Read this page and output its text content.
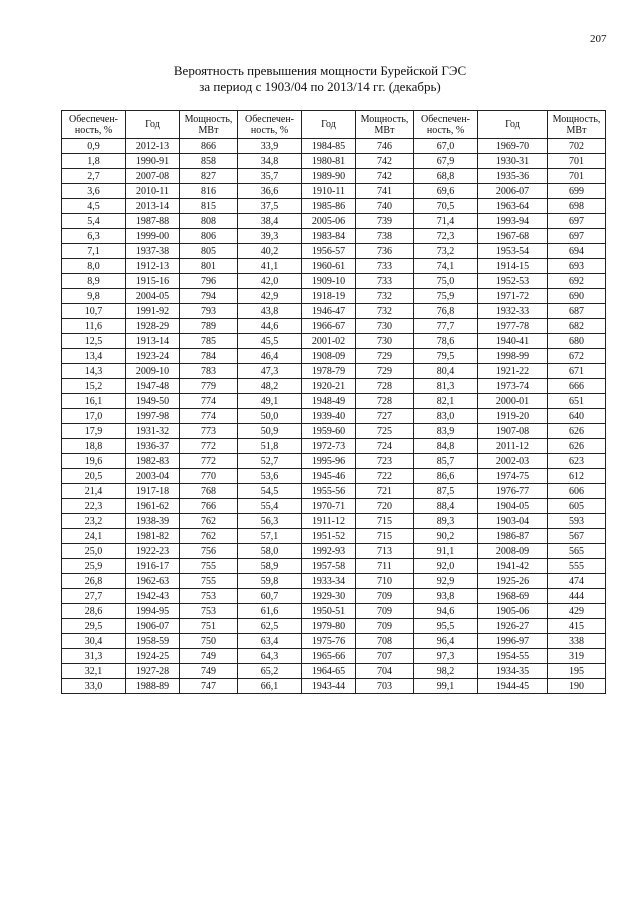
207
Вероятность превышения мощности Бурейской ГЭС
за период с 1903/04 по 2013/14 гг. (декабрь)
Обеспечен-ность, %	Год	Мощность, МВт	Обеспечен-ность, %	Год	Мощность, МВт	Обеспечен-ность, %	Год	Мощность, МВт
0,9	2012-13	866	33,9	1984-85	746	67,0	1969-70	702
1,8	1990-91	858	34,8	1980-81	742	67,9	1930-31	701
2,7	2007-08	827	35,7	1989-90	742	68,8	1935-36	701
3,6	2010-11	816	36,6	1910-11	741	69,6	2006-07	699
4,5	2013-14	815	37,5	1985-86	740	70,5	1963-64	698
5,4	1987-88	808	38,4	2005-06	739	71,4	1993-94	697
6,3	1999-00	806	39,3	1983-84	738	72,3	1967-68	697
7,1	1937-38	805	40,2	1956-57	736	73,2	1953-54	694
8,0	1912-13	801	41,1	1960-61	733	74,1	1914-15	693
8,9	1915-16	796	42,0	1909-10	733	75,0	1952-53	692
9,8	2004-05	794	42,9	1918-19	732	75,9	1971-72	690
10,7	1991-92	793	43,8	1946-47	732	76,8	1932-33	687
11,6	1928-29	789	44,6	1966-67	730	77,7	1977-78	682
12,5	1913-14	785	45,5	2001-02	730	78,6	1940-41	680
13,4	1923-24	784	46,4	1908-09	729	79,5	1998-99	672
14,3	2009-10	783	47,3	1978-79	729	80,4	1921-22	671
15,2	1947-48	779	48,2	1920-21	728	81,3	1973-74	666
16,1	1949-50	774	49,1	1948-49	728	82,1	2000-01	651
17,0	1997-98	774	50,0	1939-40	727	83,0	1919-20	640
17,9	1931-32	773	50,9	1959-60	725	83,9	1907-08	626
18,8	1936-37	772	51,8	1972-73	724	84,8	2011-12	626
19,6	1982-83	772	52,7	1995-96	723	85,7	2002-03	623
20,5	2003-04	770	53,6	1945-46	722	86,6	1974-75	612
21,4	1917-18	768	54,5	1955-56	721	87,5	1976-77	606
22,3	1961-62	766	55,4	1970-71	720	88,4	1904-05	605
23,2	1938-39	762	56,3	1911-12	715	89,3	1903-04	593
24,1	1981-82	762	57,1	1951-52	715	90,2	1986-87	567
25,0	1922-23	756	58,0	1992-93	713	91,1	2008-09	565
25,9	1916-17	755	58,9	1957-58	711	92,0	1941-42	555
26,8	1962-63	755	59,8	1933-34	710	92,9	1925-26	474
27,7	1942-43	753	60,7	1929-30	709	93,8	1968-69	444
28,6	1994-95	753	61,6	1950-51	709	94,6	1905-06	429
29,5	1906-07	751	62,5	1979-80	709	95,5	1926-27	415
30,4	1958-59	750	63,4	1975-76	708	96,4	1996-97	338
31,3	1924-25	749	64,3	1965-66	707	97,3	1954-55	319
32,1	1927-28	749	65,2	1964-65	704	98,2	1934-35	195
33,0	1988-89	747	66,1	1943-44	703	99,1	1944-45	190
